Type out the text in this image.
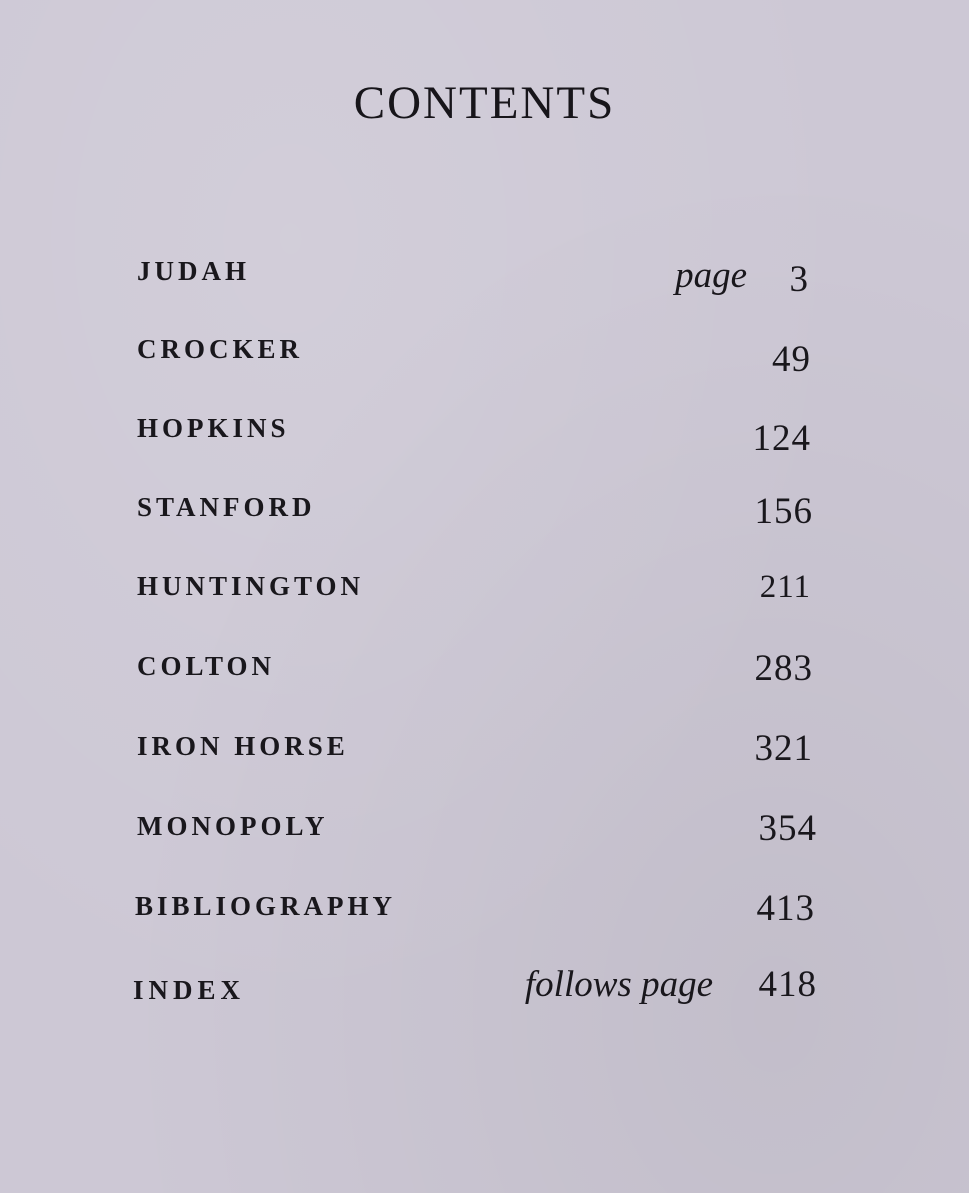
CONTENTS
JUDAH	page 3
CROCKER	49
HOPKINS	124
STANFORD	156
HUNTINGTON	211
COLTON	283
IRON HORSE	321
MONOPOLY	354
BIBLIOGRAPHY	413
INDEX	follows page 418
